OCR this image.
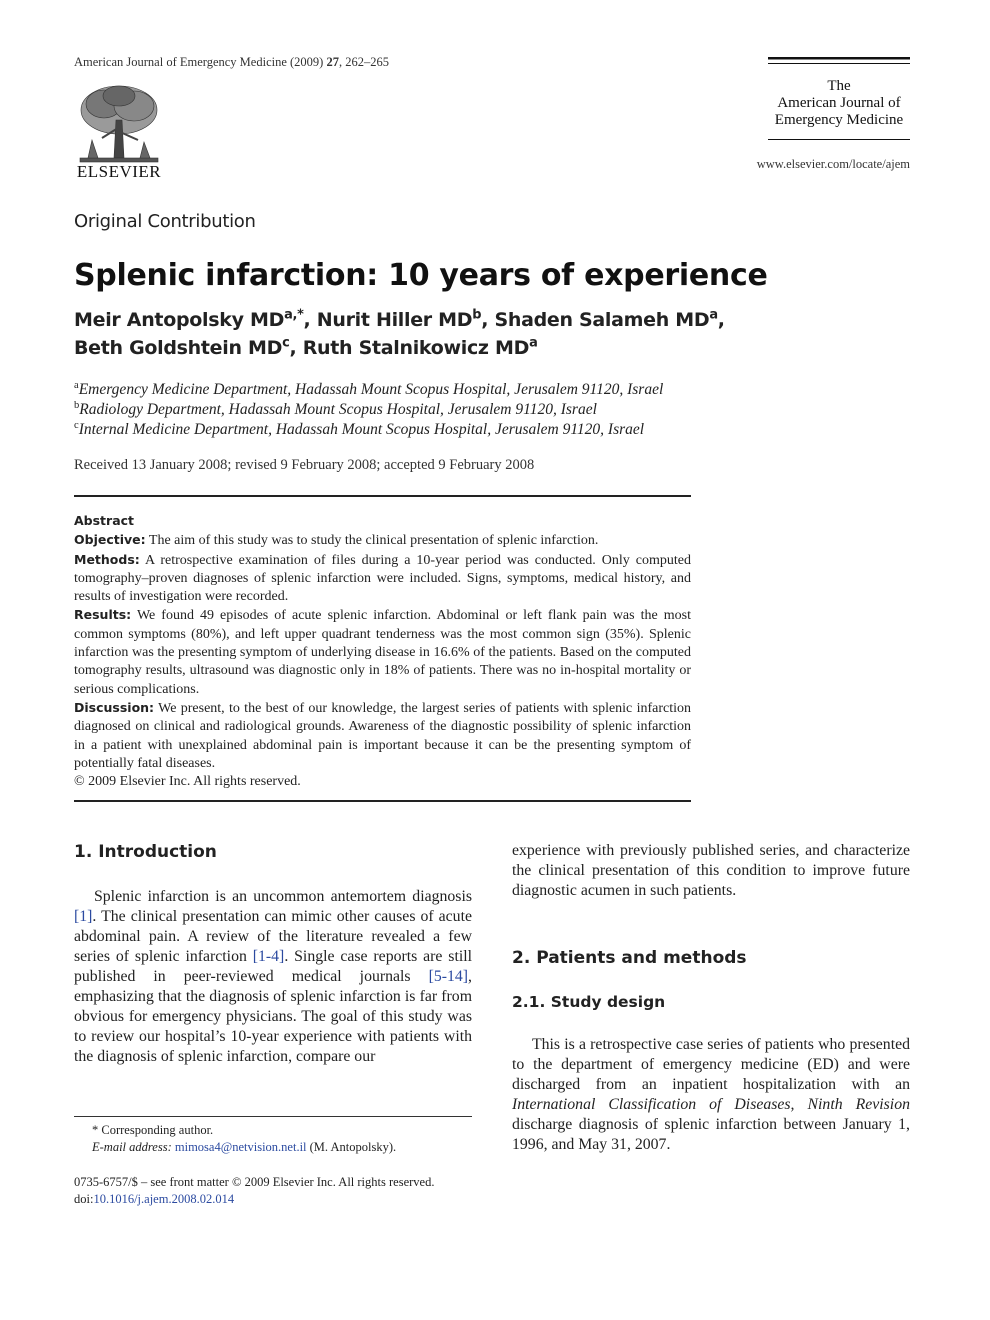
American Journal of Emergency Medicine (2009) 27, 262–265
ELSEVIER
The
American Journal of
Emergency Medicine
www.elsevier.com/locate/ajem
Original Contribution
Splenic infarction: 10 years of experience
Meir Antopolsky $MD^{a,*}$, Nurit Hiller $MD^b$, Shaden Salameh $MD^a$,
Beth Goldshtein $MD^c$, Ruth Stalnikowicz $MD^a$
$^a$Emergency Medicine Department, Hadassah Mount Scopus Hospital, Jerusalem 91120, Israel
$^b$Radiology Department, Hadassah Mount Scopus Hospital, Jerusalem 91120, Israel
$^c$Internal Medicine Department, Hadassah Mount Scopus Hospital, Jerusalem 91120, Israel
Received 13 January 2008; revised 9 February 2008; accepted 9 February 2008

Abstract

Objective: The aim of this study was to study the clinical presentation of splenic infarction.

Methods: A retrospective examination of files during a 10-year period was conducted. Only computed tomography–proven diagnoses of splenic infarction were included. Signs, symptoms, medical history, and results of investigation were recorded.

Results: We found 49 episodes of acute splenic infarction. Abdominal or left flank pain was the most common symptoms (80%), and left upper quadrant tenderness was the most common sign (35%). Splenic infarction was the presenting symptom of underlying disease in 16.6% of the patients. Based on the computed tomography results, ultrasound was diagnostic only in 18% of patients. There was no in-hospital mortality or serious complications.

Discussion: We present, to the best of our knowledge, the largest series of patients with splenic infarction diagnosed on clinical and radiological grounds. Awareness of the diagnostic possibility of splenic infarction in a patient with unexplained abdominal pain is important because it can be the presenting symptom of potentially fatal diseases.

© 2009 Elsevier Inc. All rights reserved.

1. Introduction
Splenic infarction is an uncommon antemortem diagnosis [1]. The clinical presentation can mimic other causes of acute abdominal pain. A review of the literature revealed a few series of splenic infarction [1-4]. Single case reports are still published in peer-reviewed medical journals [5-14], emphasizing that the diagnosis of splenic infarction is far from obvious for emergency physicians. The goal of this study was to review our hospital’s 10-year experience with patients with the diagnosis of splenic infarction, compare our
* Corresponding author.
E-mail address: mimosa4@netvision.net.il (M. Antopolsky).
0735-6757/$ – see front matter © 2009 Elsevier Inc. All rights reserved.
doi:10.1016/j.ajem.2008.02.014
experience with previously published series, and characterize the clinical presentation of this condition to improve future diagnostic acumen in such patients.
2. Patients and methods
2.1. Study design
This is a retrospective case series of patients who presented to the department of emergency medicine (ED) and were discharged from an inpatient hospitalization with an International Classification of Diseases, Ninth Revision discharge diagnosis of splenic infarction between January 1, 1996, and May 31, 2007.
